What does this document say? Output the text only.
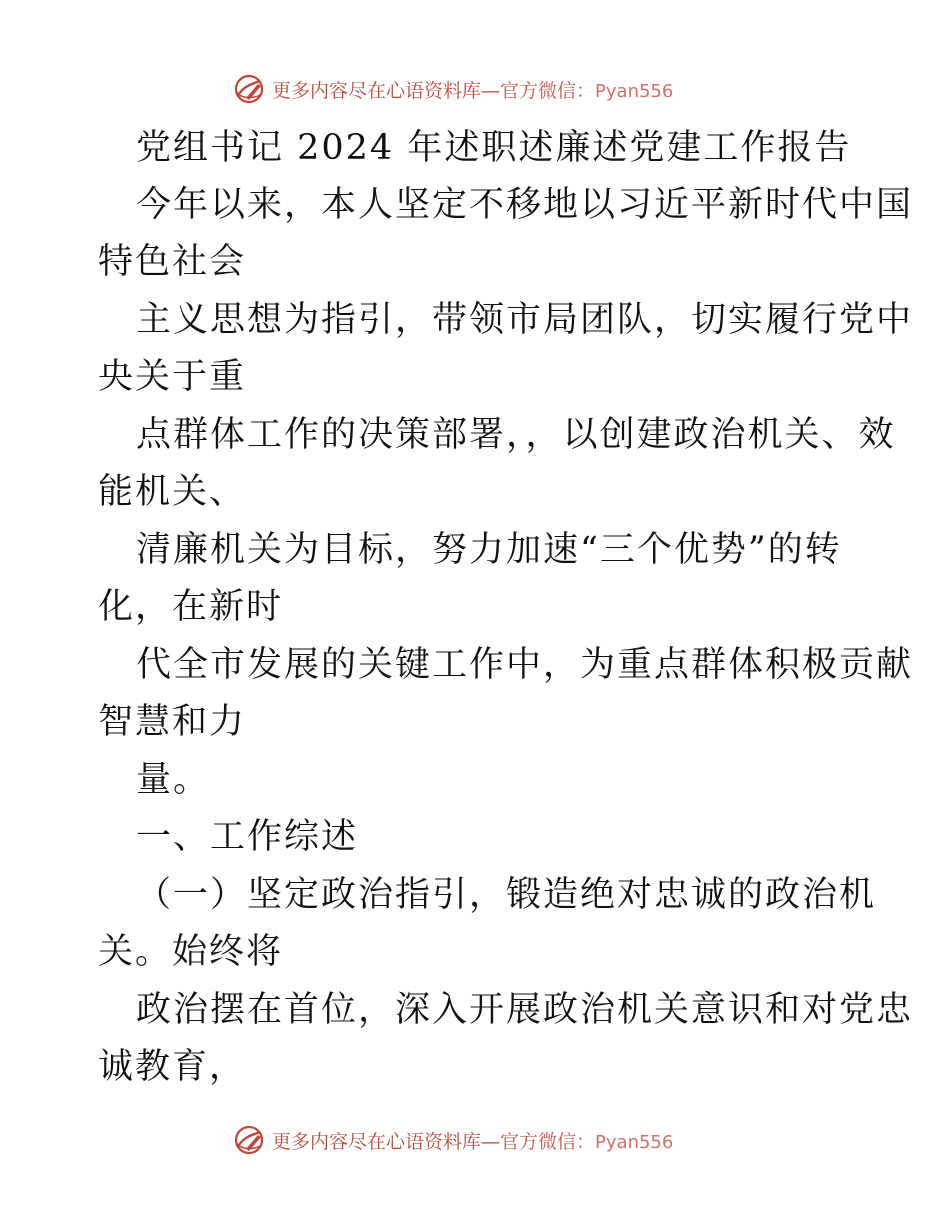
更多内容尽在心语资料库—官方微信：Pyan556
党组书记 2024 年述职述廉述党建工作报告
今年以来，本人坚定不移地以习近平新时代中国
特色社会
主义思想为指引，带领市局团队，切实履行党中
央关于重
点群体工作的决策部署，，以创建政治机关、效
能机关、
清廉机关为目标，努力加速“三个优势”的转
化，在新时
代全市发展的关键工作中，为重点群体积极贡献
智慧和力
量。
一、工作综述
（一）坚定政治指引，锻造绝对忠诚的政治机
关。始终将
政治摆在首位，深入开展政治机关意识和对党忠
诚教育，
更多内容尽在心语资料库—官方微信：Pyan556
